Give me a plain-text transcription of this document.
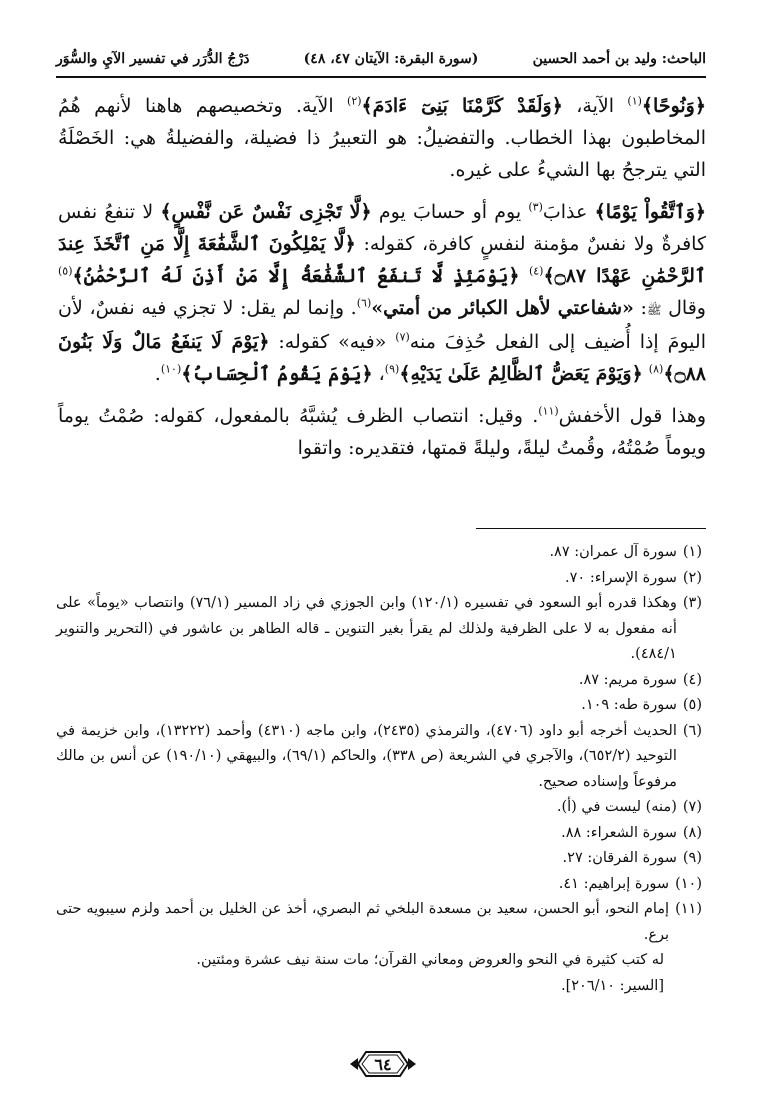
الباحث: وليد بن أحمد الحسين
(سورة البقرة: الآيتان ٤٧، ٤٨)
دَرْجُ الدُّرَر في تفسير الآيِ والسُّوَر

﴿وَنُوحًا﴾$^{(١)}$ الآية، ﴿وَلَقَدْ كَرَّمْنَا بَنِىٓ ءَادَمَ﴾$^{(٢)}$ الآية. وتخصيصهم هاهنا لأنهم هُمُ المخاطبون بهذا الخطاب. والتفضيلُ: هو التعبيرُ ذا فضيلة، والفضيلةُ هي: الخَصْلَةُ التي يترجحُ بها الشيءُ على غيره.

﴿وَٱتَّقُواْ يَوْمًا﴾ عذابَ$^{(٣)}$ يوم أو حسابَ يوم ﴿لَّا تَجْزِى نَفْسٌ عَن نَّفْسٍ﴾ لا تنفعُ نفس كافرةٌ ولا نفسٌ مؤمنة لنفسٍ كافرة، كقوله: ﴿لَّا يَمْلِكُونَ ٱلشَّفَٰعَةَ إِلَّا مَنِ ٱتَّخَذَ عِندَ ٱلرَّحْمَٰنِ عَهْدًا ۝٨٧﴾$^{(٤)}$ ﴿يَوْمَئِذٍ لَّا تَنفَعُ ٱلشَّفَٰعَةُ إِلَّا مَنْ أَذِنَ لَهُ ٱلرَّحْمَٰنُ﴾$^{(٥)}$ وقال ﷺ: «شفاعتي لأهل الكبائر من أمتي»$^{(٦)}$. وإنما لم يقل: لا تجزي فيه نفسٌ، لأن اليومَ إذا أُضيف إلى الفعل حُذِفَ منه$^{(٧)}$ «فيه» كقوله: ﴿يَوْمَ لَا يَنفَعُ مَالٌ وَلَا بَنُونَ ۝٨٨﴾$^{(٨)}$ ﴿وَيَوْمَ يَعَضُّ ٱلظَّالِمُ عَلَىٰ يَدَيْهِ﴾$^{(٩)}$، ﴿يَوْمَ يَقُومُ ٱلْحِسَابُ﴾$^{(١٠)}$.

وهذا قول الأخفش$^{(١١)}$. وقيل: انتصاب الظرف يُشبَّهُ بالمفعول، كقوله: صُمْتُ يوماً ويوماً صُمْتُهُ، وقُمتُ ليلةً، وليلةً قمتها، فتقديره: واتقوا

(١)
سورة آل عمران: ٨٧.
(٢)
سورة الإسراء: ٧٠.
(٣)
وهكذا قدره أبو السعود في تفسيره (١٢٠/١) وابن الجوزي في زاد المسير (٧٦/١) وانتصاب «يوماً» على أنه مفعول به لا على الظرفية ولذلك لم يقرأ بغير التنوين ـ قاله الطاهر بن عاشور في (التحرير والتنوير ٤٨٤/١).
(٤)
سورة مريم: ٨٧.
(٥)
سورة طه: ١٠٩.
(٦)
الحديث أخرجه أبو داود (٤٧٠٦)، والترمذي (٢٤٣٥)، وابن ماجه (٤٣١٠) وأحمد (١٣٢٢٢)، وابن خزيمة في التوحيد (٦٥٢/٢)، والآجري في الشريعة (ص ٣٣٨)، والحاكم (٦٩/١)، والبيهقي (١٩٠/١٠) عن أنس بن مالك مرفوعاً وإسناده صحيح.
(٧)
(منه) ليست في (أ).
(٨)
سورة الشعراء: ٨٨.
(٩)
سورة الفرقان: ٢٧.
(١٠)
سورة إبراهيم: ٤١.
(١١)
إمام النحو، أبو الحسن، سعيد بن مسعدة البلخي ثم البصري، أخذ عن الخليل بن أحمد ولزم سيبويه حتى برع.
له كتب كثيرة في النحو والعروض ومعاني القرآن؛ مات سنة نيف عشرة ومئتين.
[السير: ٢٠٦/١٠].
٦٤
